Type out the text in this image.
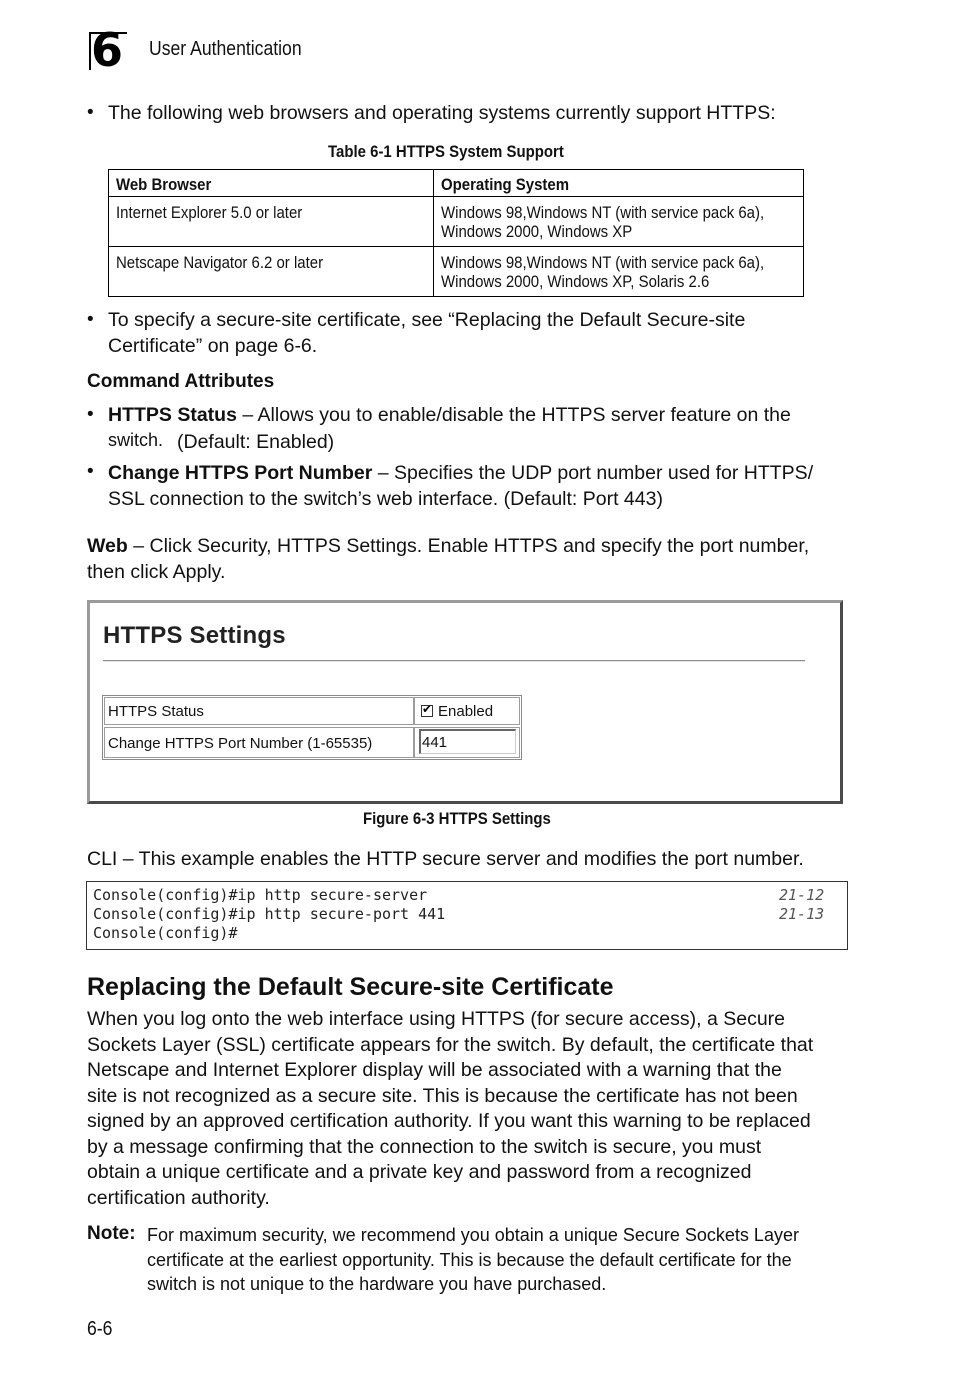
6 User Authentication
• The following web browsers and operating systems currently support HTTPS:
Table 6-1 HTTPS System Support
Web Browser	Operating System
Internet Explorer 5.0 or later	Windows 98,Windows NT (with service pack 6a),
Windows 2000, Windows XP
Netscape Navigator 6.2 or later	Windows 98,Windows NT (with service pack 6a),
Windows 2000, Windows XP, Solaris 2.6
• To specify a secure-site certificate, see “Replacing the Default Secure-site
Certificate” on page 6-6.
Command Attributes
• HTTPS Status – Allows you to enable/disable the HTTPS server feature on the
switch. (Default: Enabled)
• Change HTTPS Port Number – Specifies the UDP port number used for HTTPS/
SSL connection to the switch’s web interface. (Default: Port 443)
Web – Click Security, HTTPS Settings. Enable HTTPS and specify the port number,
then click Apply.
HTTPS Settings
HTTPS Status ✔	Enabled
Change HTTPS Port Number (1-65535)	441
Figure 6-3 HTTPS Settings
CLI – This example enables the HTTP secure server and modifies the port number.
Console(config)#ip http secure-server	21-12
Console(config)#ip http secure-port 441	21-13
Console(config)#
Replacing the Default Secure-site Certificate
When you log onto the web interface using HTTPS (for secure access), a Secure
Sockets Layer (SSL) certificate appears for the switch. By default, the certificate that
Netscape and Internet Explorer display will be associated with a warning that the
site is not recognized as a secure site. This is because the certificate has not been
signed by an approved certification authority. If you want this warning to be replaced
by a message confirming that the connection to the switch is secure, you must
obtain a unique certificate and a private key and password from a recognized
certification authority.
Note: For maximum security, we recommend you obtain a unique Secure Sockets Layer
certificate at the earliest opportunity. This is because the default certificate for the
switch is not unique to the hardware you have purchased.
6-6
